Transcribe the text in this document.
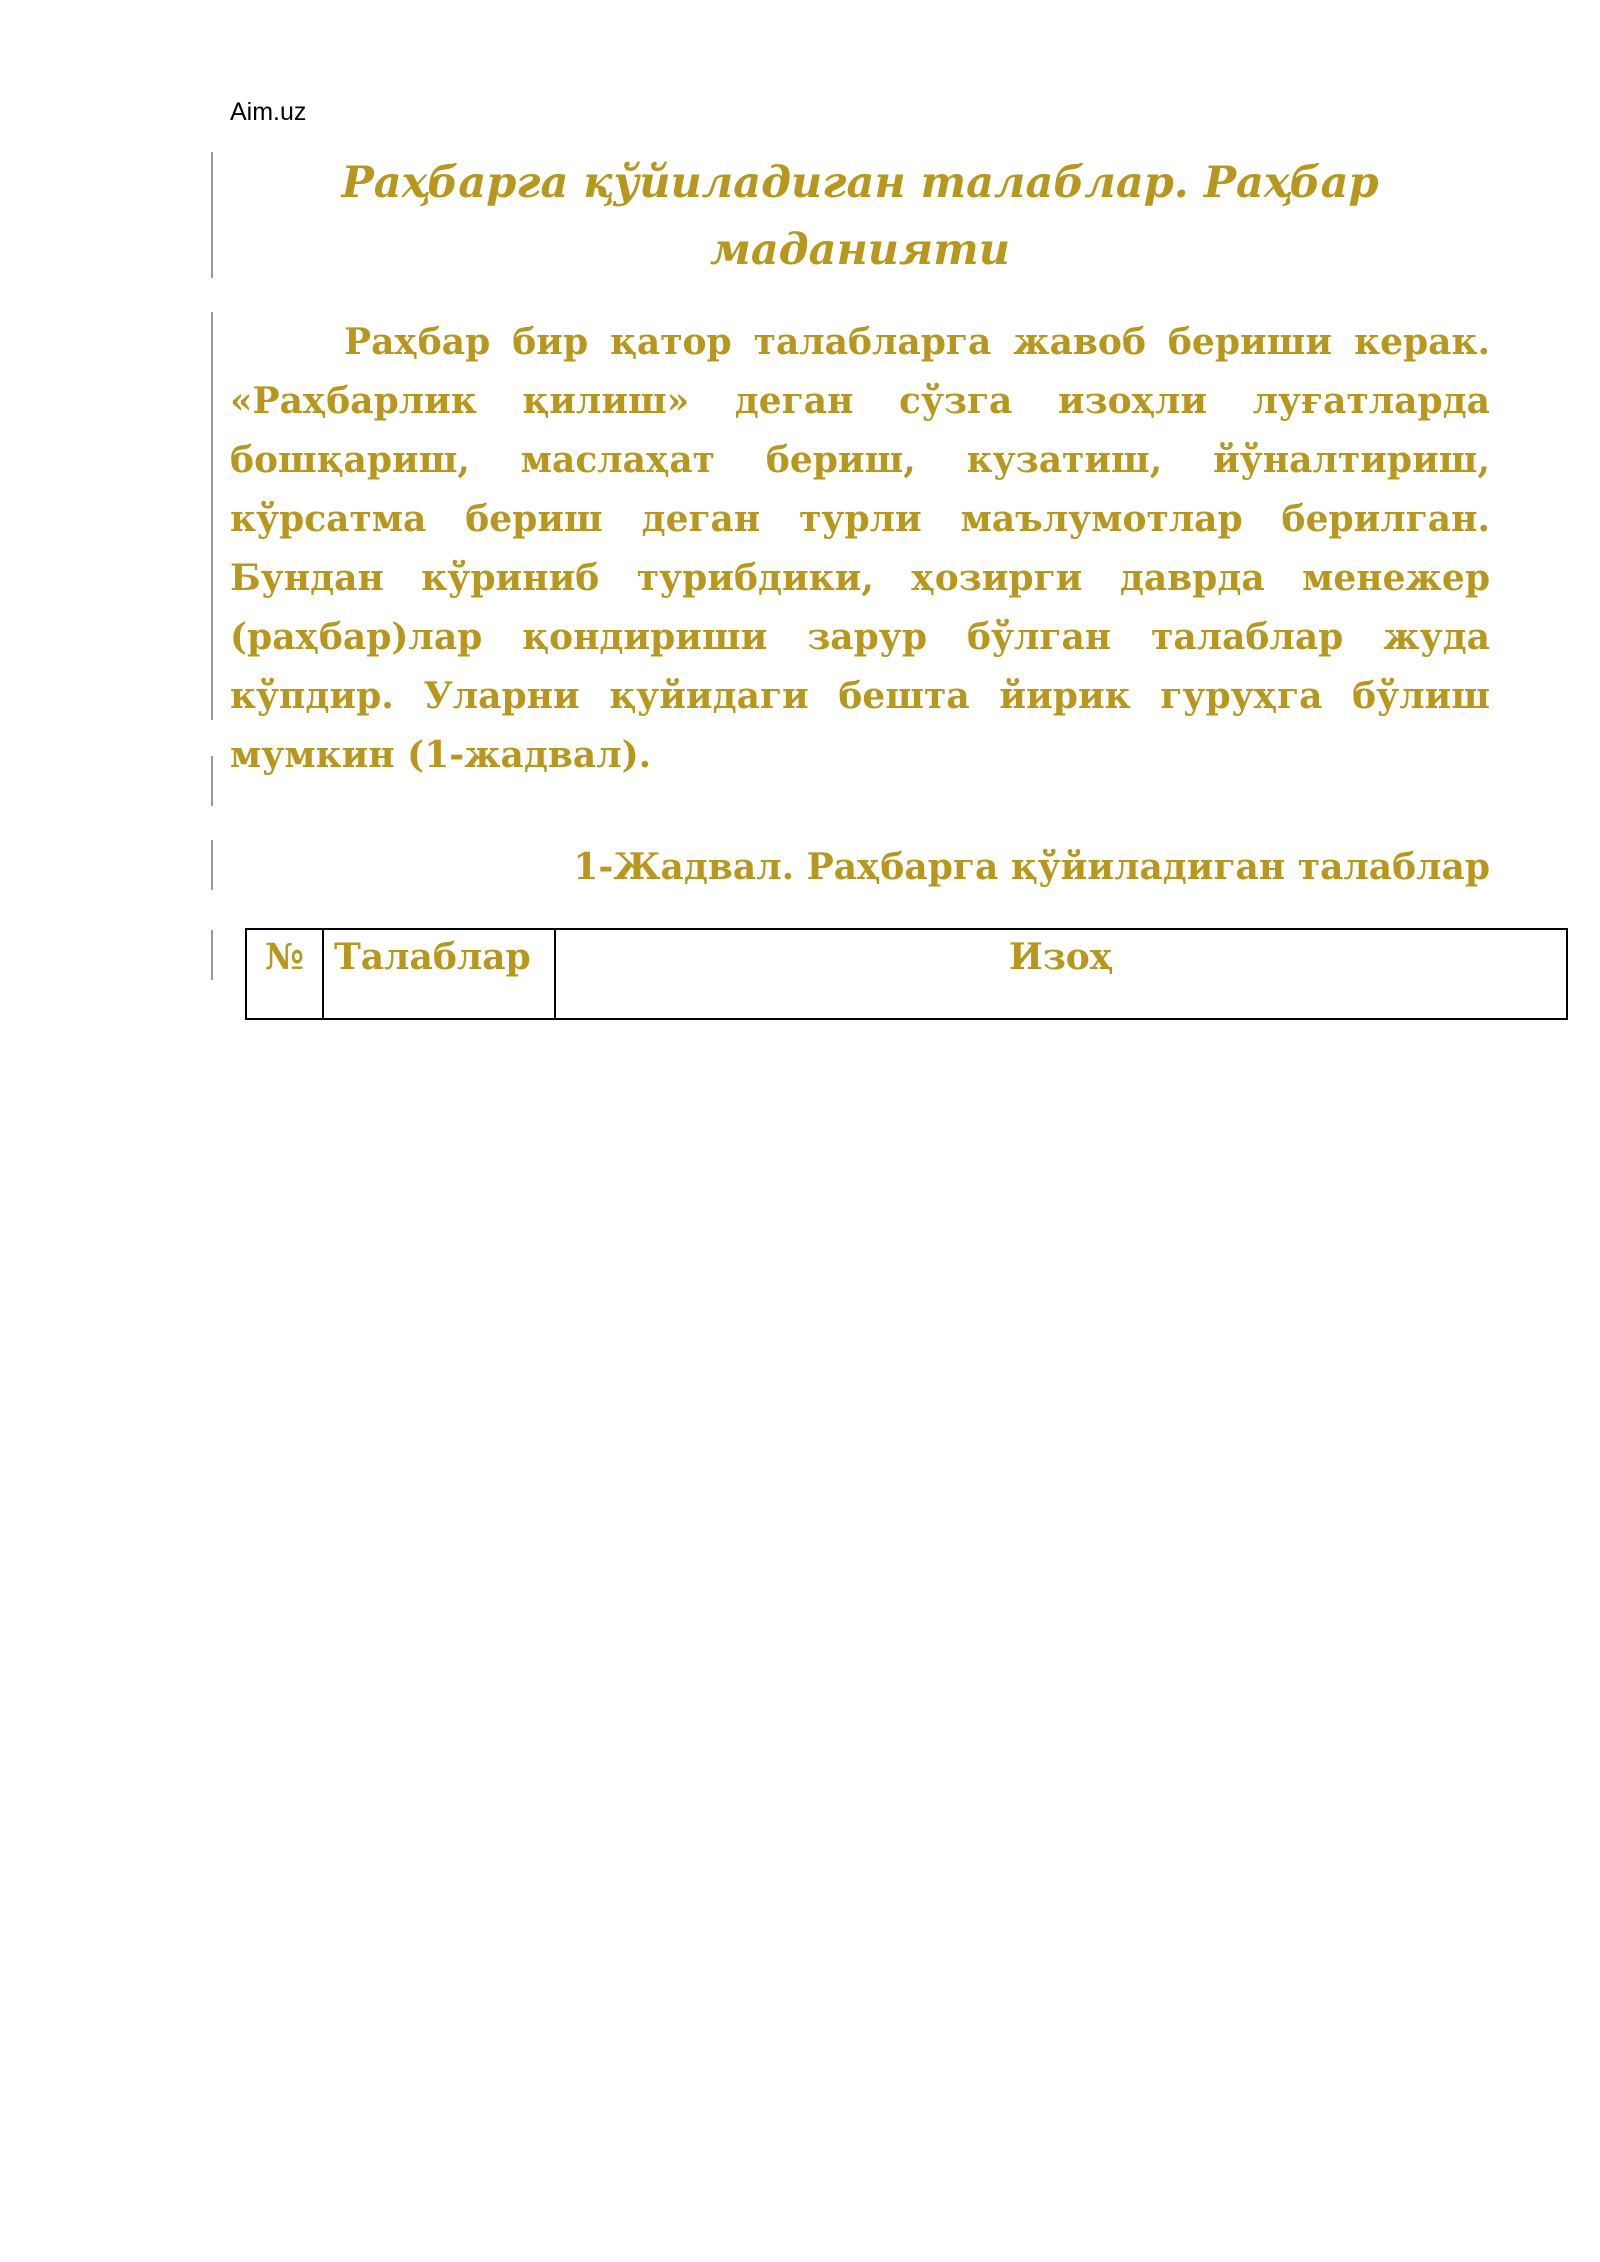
Aim.uz
Раҳбарга қўйиладиган талаблар. Раҳбар
маданияти

Раҳбар бир қатор талабларга жавоб бериши керак. «Раҳбарлик қилиш» деган сўзга изоҳли луғатларда бошқариш, маслаҳат бериш, кузатиш, йўналтириш, кўрсатма бериш деган турли маълумотлар берилган. Бундан кўриниб турибдики, ҳозирги даврда менежер (раҳбар)лар қондириши зарур бўлган талаблар жуда кўпдир. Уларни қуйидаги бешта йирик гуруҳга бўлиш мумкин (1-жадвал).

1-Жадвал. Раҳбарга қўйиладиган талаблар
№	Талаблар	Изоҳ
